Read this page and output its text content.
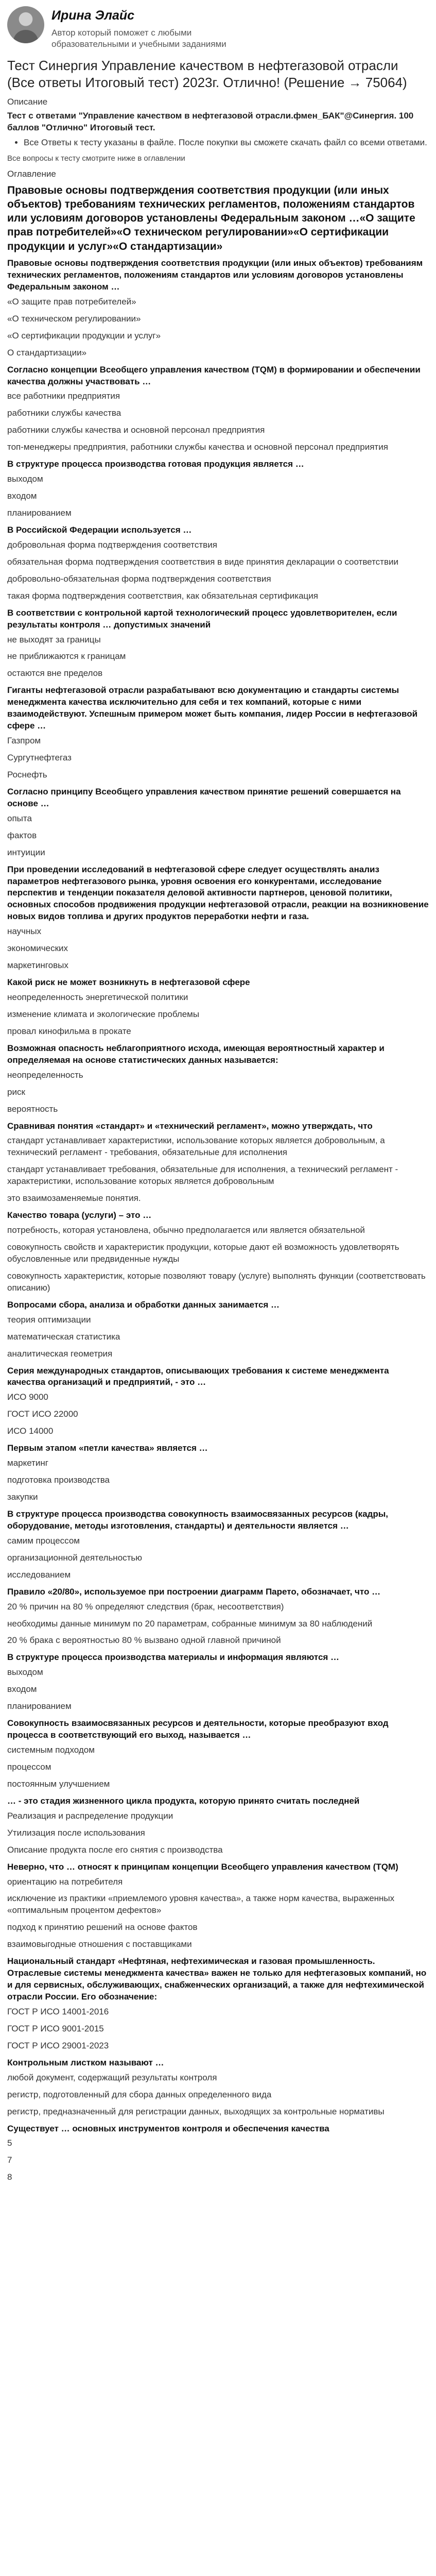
Ирина Элайс
Автор который поможет с любыми образовательными и учебными заданиями
Тест Синергия Управление качеством в нефтегазовой отрасли (Все ответы Итоговый тест) 2023г. Отлично! (Решение → 75064)
Описание
Тест с ответами "Управление качеством в нефтегазовой отрасли.фмен_БАК"@Синергия. 100 баллов "Отлично" Итоговый тест.
• Все Ответы к тесту указаны в файле. После покупки вы сможете скачать файл со всеми ответами.
Все вопросы к тесту смотрите ниже в оглавлении
Оглавление
Правовые основы подтверждения соответствия продукции (или иных объектов) требованиям технических регламентов, положениям стандартов или условиям договоров установлены Федеральным законом …«О защите прав потребителей»«О техническом регулировании»«О сертификации продукции и услуг»«О стандартизации»
Правовые основы подтверждения соответствия продукции (или иных объектов) требованиям технических регламентов, положениям стандартов или условиям договоров установлены Федеральным законом …
«О защите прав потребителей»
«О техническом регулировании»
«О сертификации продукции и услуг»
О стандартизации»
Согласно концепции Всеобщего управления качеством (TQM) в формировании и обеспечении качества должны участвовать …
все работники предприятия
работники службы качества
работники службы качества и основной персонал предприятия
топ-менеджеры предприятия, работники службы качества и основной персонал предприятия
В структуре процесса производства готовая продукция является …
выходом
входом
планированием
В Российской Федерации используется …
добровольная форма подтверждения соответствия
обязательная форма подтверждения соответствия в виде принятия декларации о соответствии
добровольно-обязательная форма подтверждения соответствия
такая форма подтверждения соответствия, как обязательная сертификация
В соответствии с контрольной картой технологический процесс удовлетворителен, если результаты контроля … допустимых значений
не выходят за границы
не приближаются к границам
остаются вне пределов
Гиганты нефтегазовой отрасли разрабатывают всю документацию и стандарты системы менеджмента качества исключительно для себя и тех компаний, которые с ними взаимодействуют. Успешным примером может быть компания, лидер России в нефтегазовой сфере …
Газпром
Сургутнефтегаз
Роснефть
Согласно принципу Всеобщего управления качеством принятие решений совершается на основе …
опыта
фактов
интуиции
При проведении исследований в нефтегазовой сфере следует осуществлять анализ параметров нефтегазового рынка, уровня освоения его конкурентами, исследование перспектив и тенденции показателя деловой активности партнеров, ценовой политики, основных способов продвижения продукции нефтегазовой отрасли, реакции на возникновение новых видов топлива и других продуктов переработки нефти и газа.
научных
экономических
маркетинговых
Какой риск не может возникнуть в нефтегазовой сфере
неопределенность энергетической политики
изменение климата и экологические проблемы
провал кинофильма в прокате
Возможная опасность неблагоприятного исхода, имеющая вероятностный характер и определяемая на основе статистических данных называется:
неопределенность
риск
вероятность
Сравнивая понятия «стандарт» и «технический регламент», можно утверждать, что
стандарт устанавливает характеристики, использование которых является добровольным, а технический регламент - требования, обязательные для исполнения
стандарт устанавливает требования, обязательные для исполнения, а технический регламент - характеристики, использование которых является добровольным
это взаимозаменяемые понятия.
Качество товара (услуги) – это …
потребность, которая установлена, обычно предполагается или является обязательной
совокупность свойств и характеристик продукции, которые дают ей возможность удовлетворять обусловленные или предвиденные нужды
совокупность характеристик, которые позволяют товару (услуге) выполнять функции (соответствовать описанию)
Вопросами сбора, анализа и обработки данных занимается …
теория оптимизации
математическая статистика
аналитическая геометрия
Серия международных стандартов, описывающих требования к системе менеджмента качества организаций и предприятий, - это …
ИСО 9000
ГОСТ ИСО 22000
ИСО 14000
Первым этапом «петли качества» является …
маркетинг
подготовка производства
закупки
В структуре процесса производства совокупность взаимосвязанных ресурсов (кадры, оборудование, методы изготовления, стандарты) и деятельности является …
самим процессом
организационной деятельностью
исследованием
Правило «20/80», используемое при построении диаграмм Парето, обозначает, что …
20 % причин на 80 % определяют следствия (брак, несоответствия)
необходимы данные минимум по 20 параметрам, собранные минимум за 80 наблюдений
20 % брака с вероятностью 80 % вызвано одной главной причиной
В структуре процесса производства материалы и информация являются …
выходом
входом
планированием
Совокупность взаимосвязанных ресурсов и деятельности, которые преобразуют вход процесса в соответствующий его выход, называется …
системным подходом
процессом
постоянным улучшением
… - это стадия жизненного цикла продукта, которую принято считать последней
Реализация и распределение продукции
Утилизация после использования
Описание продукта после его снятия с производства
Неверно, что … относят к принципам концепции Всеобщего управления качеством (TQM)
ориентацию на потребителя
исключение из практики «приемлемого уровня качества», а также норм качества, выраженных «оптимальным процентом дефектов»
подход к принятию решений на основе фактов
взаимовыгодные отношения с поставщиками
Национальный стандарт «Нефтяная, нефтехимическая и газовая промышленность. Отраслевые системы менеджмента качества» важен не только для нефтегазовых компаний, но и для сервисных, обслуживающих, снабженческих организаций, а также для нефтехимической отрасли России. Его обозначение:
ГОСТ Р ИСО 14001-2016
ГОСТ Р ИСО 9001-2015
ГОСТ Р ИСО 29001-2023
Контрольным листком называют …
любой документ, содержащий результаты контроля
регистр, подготовленный для сбора данных определенного вида
регистр, предназначенный для регистрации данных, выходящих за контрольные нормативы
Существует … основных инструментов контроля и обеспечения качества
5
7
8
